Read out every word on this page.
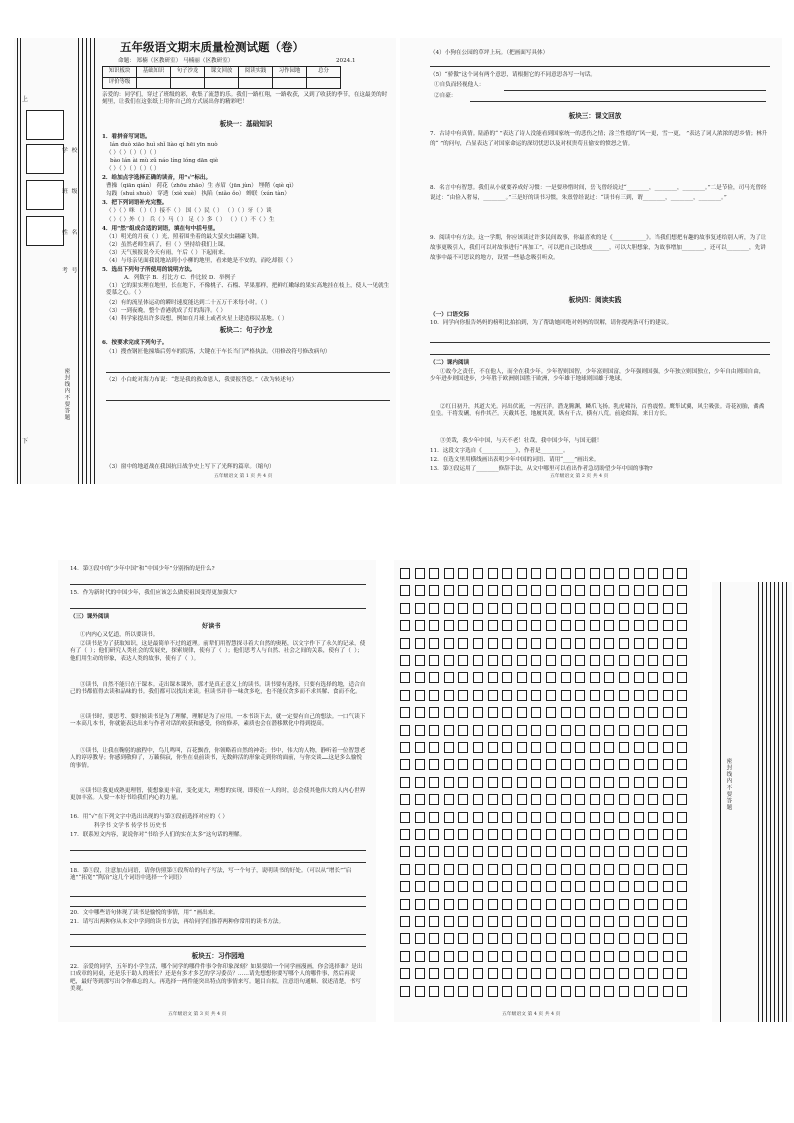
学 校
班 级
姓 名
考 号
密封线内不要答题
上
下
五年级语文期末质量检测试题（卷）
命题： 郑楠（区教研室） 马楠丽（区教研室）	2024.1
知识板块	基础知识	句子沙龙	课文回放	阅读实践	习作园地	总分
评价等级						
亲爱的：同学们，穿过了班级的彩，收集了流慧的乐。我们一路杠翔，一路收获，又到了收获的季节，在这最美的时刻里，让我们在这张纸上用你自己的方式展出你的精彩吧！
板块一：基础知识
1．看拼音写词语。
lán duò xiāo huì shǐ liào qí hēi yīn nuò
（ ）（ ）（ ）（ ）（ ）
bào lán ài mù zǔ náo líng lóng dān qiè
（ ）（ ）（ ）（ ）（ ）
2．给加点字选择正确的读音，用“√”标出。
曹操（qiān qián） 荷花（zhōu zhāo）生 赤眉（jūn jùn） 埋鞘（qiè qì）
勾践（shuì shuò） 穿透（xiè xuè） 执陷（niǎo ǒo） 蝉联（xún tàn）
3．把下列词语补充完整。
（ ）（ ）咪 （ ）（ ）接不（ ） 国（ ）民（ ） （ ）（ ）牙（ ）谈
（ ）（ ）外（ ） 兵（ ）马（ ） 足（ ）多（ ） （ ）（ ）不（ ）生
4．用“然”组成合适的词语，填在句中括号里。
（1）明光的月夜（ ）光，照着围坐着的最大萤火虫翩翩飞舞。
（2）虽然老师生病了，但（ ）坚持给我们上课。
（3）天气预报说今天有雨，午后（ ）下起雨来。
（4）与母亲见面我说地站到小小柳的地里，看来她是不安的，而吃却很（ ）
5．选出下列句子所使用的说明方法。
A．列数字 B．打比方 C．作比较 D．举例子
（1）它的果实理在地里，长在地下，不像桃子、石榴、苹果那样，把鲜红嫩绿的果实高地挂在枝上，使人一见就生爱慕之心。（ ）
（2）有的流星体运动的瞬时速度能达到二十五万千米每小时。（ ）
（3）一到夜晚，整个香港就成了灯的海洋。（ ）
（4）科学家提出许多设想，例如在月球上或者火星上建造移民基地。（ ）
板块二：句子沙龙
6．按要求完成下列句子。
（1）搜查钢匠他撞墙后剪车的院落，大键在于车长当门严格执法。（用修改符号修改病句）
（2）小白蛇对海力布说：“您是我的救命恩人，我要报答您。”（改为转述句）
（3）窗中的地道战在我国抗日战争史上写下了光辉的篇章。（缩句）
五年级语文 第 1 页 共 4 页
（4）小狗在公园的草坪上玩。（把画面写具体）
（5）“骄傲”这个词有两个意思，请根据它的不同意思各写一句话。
①自负而轻视他人：
②自豪：
板块三：课文回放
7．古诗中有真情。陆游的“ ”表达了诗人没能看到国家统一的悲伤之情；涂兰性德的“风一更，雪一更， ”表达了词人浓浓的思乡情；林升的“ ”的问句，凸显表达了对国家命运的深切忧思以及对权贵苟且偷安的愤怒之情。
8．名言中有智慧。我们从小就要养成好习惯：一是要珍惜时间，岳飞曾经说过“________，________，________。”二是节俭，司马光曾经说过：“由俭入奢易，________。”三是好的读书习惯，朱熹曾经说过：“读书有三到，谓________，________，________。”
9．阅读中有方法。这一学期，你应该读过许多民间故事，你最喜欢的是《____________》。当我们想把有趣的故事复述给别人听，为了让故事更吸引人，我们可以对故事进行“再加工”，可以把自己设想成______，可以大胆想象，为故事增加________，还可以________，先讲故事中最不可思议的地方，设置一些悬念吸引听众。
板块四：阅读实践
（一）口语交际
10．同学向你报告妈妈的榜明比拍拍到，为了帮助她回绝对妈妈的误解，请你提两条可行的建议。
（二）课内阅读
①故今之责任，不在他人，而全在我少年。少年智则国智，少年富则国富，少年强则国强，少年独立则国独立，少年自由则国自由，少年进步则国进步，少年胜于欧洲则国胜于欧洲，少年雄于地球则国雄于地球。
②红日初升，其道大光。河出伏流，一泻汪洋。潜龙腾渊，鳞爪飞扬。乳虎啸谷，百兽震惶。鹰隼试翼，风尘吸张。奇花初胎，矞矞皇皇。干将发硎，有作其芒。天戴其苍，地履其黄。纵有千古，横有八荒。前途似海，来日方长。
③美哉，我少年中国，与天不老！壮哉，我中国少年，与国无疆！
11．这段文字选自《____________》，作者是________。
12．在选文里用横线画出表明少年中国的词语、请用“____”画出来。
13．第③段运用了________修辞手法，从文中哪里可以看出作者急切盼望少年中国的事物?
五年级语文 第 2 页 共 4 页
14．第③段中的“少年中国”和“中国少年”分别指的是什么?
15．作为新时代的中国少年，我们应该怎么做使祖国变得更加强大?
（三）课外阅读
好读书
①内内心又忆道，所以要读书。
②读书是为了获取知识，这是最简单不过的道理。前辈们用智慧探寻着大自然的奥秘，以文字作下了永久的记录，使有了（ ）；他们研究人类社会的发展史，探索规律，使有了（ ）；他们思考人与自然、社会之间的关系，使有了（ ）；他们用生动的形象，表达人类的故事，使有了（ ）。
③读书，自然不能只在于课本。走出课本课外，那才是真正意义上的读书。读书要有选择，只要有选择的地，适合自己的书都值得去读和品味的书。我们都可以找出来读。但读书并非一味贪多吃，也不能仅贪多而不求其解、食而不化。
④读书时，要思考、要时候读书是为了理解，理解是为了应用。一本书读下去，就一定要有自己的想法。一口气读下一本高几本书，你就能表达出来与作者对话的收获和感受，你的修养，素质也会在潜移默化中得到提高。
⑤读书，让我在鞠躬的旅程中，鸟儿鸣叫，百花飘香，你领略着自然的神奇；书中，伟大的人物，静听着一位智慧老人的谆谆教导；你感到敬仰了，万籁俱寂，你坐在桌前读书，无数鲜活的形象走到你的面前，与你交谈……这是多么愉悦的事情。
⑥读书让我更成熟更理智，使想象更丰富，变化更大，理想的实现，即使在一人的时，总会使其他伟大的人内心世界更加丰富。人要一本好书给我们内心的力量。
16．用“√”在下列文字中选出出现的与第③段前选择对应的（ ）
科学书 文学书 传学书 历史书
17．联系短文内容，说说你对“书给予人们的实在太多”这句话的理解。
18．第⑤段，注意加点词语，请你仿照第⑤段所给的句子写法，写一个句子，说明读书的好处。（可以从“增长”“启迪”“拓宽”“陶冶”这几个词语中选择一个词语）
20．文中哪些语句体现了读书是愉悦的事情，用“ ”画出来。
21．请写出两种你从本文中学到的读书方法，再给同学们推荐两种你常用的读书方法。
板块五：习作园地
22．亲爱的同学，五年的小学生活，哪个同学的哪件件事令你印象深刻？如果要给一个同学画漫画，你会选择谁？是出口成章的同桌，还是乐于助人的班长？还是有多才多艺的学习委员？……请先想想你要写哪个人的哪件事，然后再说吧，最好等到那写出令你难忘的人。再选择一两件能突出特点的事情来写。题目自拟，注意语句通顺、叙述清楚，书写美观。
五年级语文 第 3 页 共 4 页	五年级语文 第 4 页 共 4 页
密封线内不要答题
